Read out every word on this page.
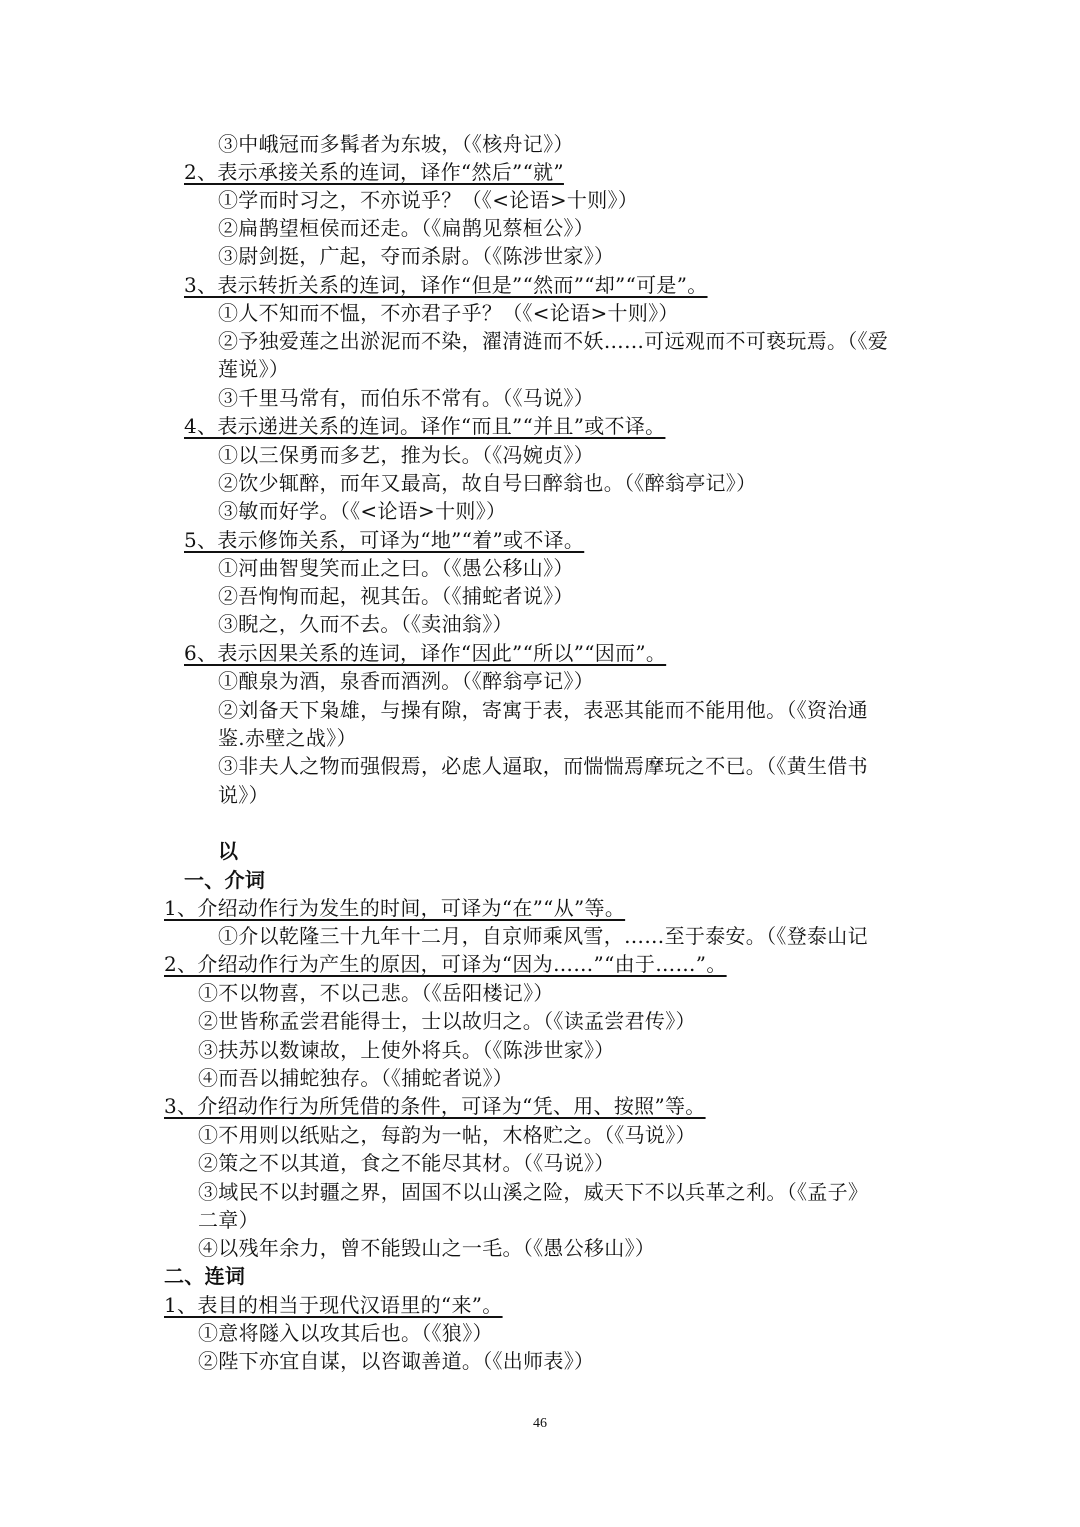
③中峨冠而多髯者为东坡，（《核舟记》）
2、表示承接关系的连词，译作“然后”“就”
①学而时习之，不亦说乎？（《<论语>十则》）
②扁鹊望桓侯而还走。（《扁鹊见蔡桓公》）
③尉剑挺，广起，夺而杀尉。（《陈涉世家》）
3、表示转折关系的连词，译作“但是”“然而”“却”“可是”。
①人不知而不愠，不亦君子乎？（《<论语>十则》）
②予独爱莲之出淤泥而不染，濯清涟而不妖……可远观而不可亵玩焉。（《爱
莲说》）
③千里马常有，而伯乐不常有。（《马说》）
4、表示递进关系的连词。译作“而且”“并且”或不译。
①以三保勇而多艺，推为长。（《冯婉贞》）
②饮少辄醉，而年又最高，故自号曰醉翁也。（《醉翁亭记》）
③敏而好学。（《<论语>十则》）
5、表示修饰关系，可译为“地”“着”或不译。
①河曲智叟笑而止之曰。（《愚公移山》）
②吾恂恂而起，视其缶。（《捕蛇者说》）
③睨之，久而不去。（《卖油翁》）
6、表示因果关系的连词，译作“因此”“所以”“因而”。
①酿泉为酒，泉香而酒洌。（《醉翁亭记》）
②刘备天下枭雄，与操有隙，寄寓于表，表恶其能而不能用他。（《资治通
鉴.赤壁之战》）
③非夫人之物而强假焉，必虑人逼取，而惴惴焉摩玩之不已。（《黄生借书
说》）
以
一、介词
1、介绍动作行为发生的时间，可译为“在”“从”等。
①介以乾隆三十九年十二月，自京师乘风雪，……至于泰安。（《登泰山记
2、介绍动作行为产生的原因，可译为“因为……”“由于……”。
①不以物喜，不以己悲。（《岳阳楼记》）
②世皆称孟尝君能得士，士以故归之。（《读孟尝君传》）
③扶苏以数谏故，上使外将兵。（《陈涉世家》）
④而吾以捕蛇独存。（《捕蛇者说》）
3、介绍动作行为所凭借的条件，可译为“凭、用、按照”等。
①不用则以纸贴之，每韵为一帖，木格贮之。（《马说》）
②策之不以其道，食之不能尽其材。（《马说》）
③域民不以封疆之界，固国不以山溪之险，威天下不以兵革之利。（《孟子》
二章）
④以残年余力，曾不能毁山之一毛。（《愚公移山》）
二、连词
1、表目的相当于现代汉语里的“来”。
①意将隧入以攻其后也。（《狼》）
②陛下亦宜自谋，以咨诹善道。（《出师表》）
46
